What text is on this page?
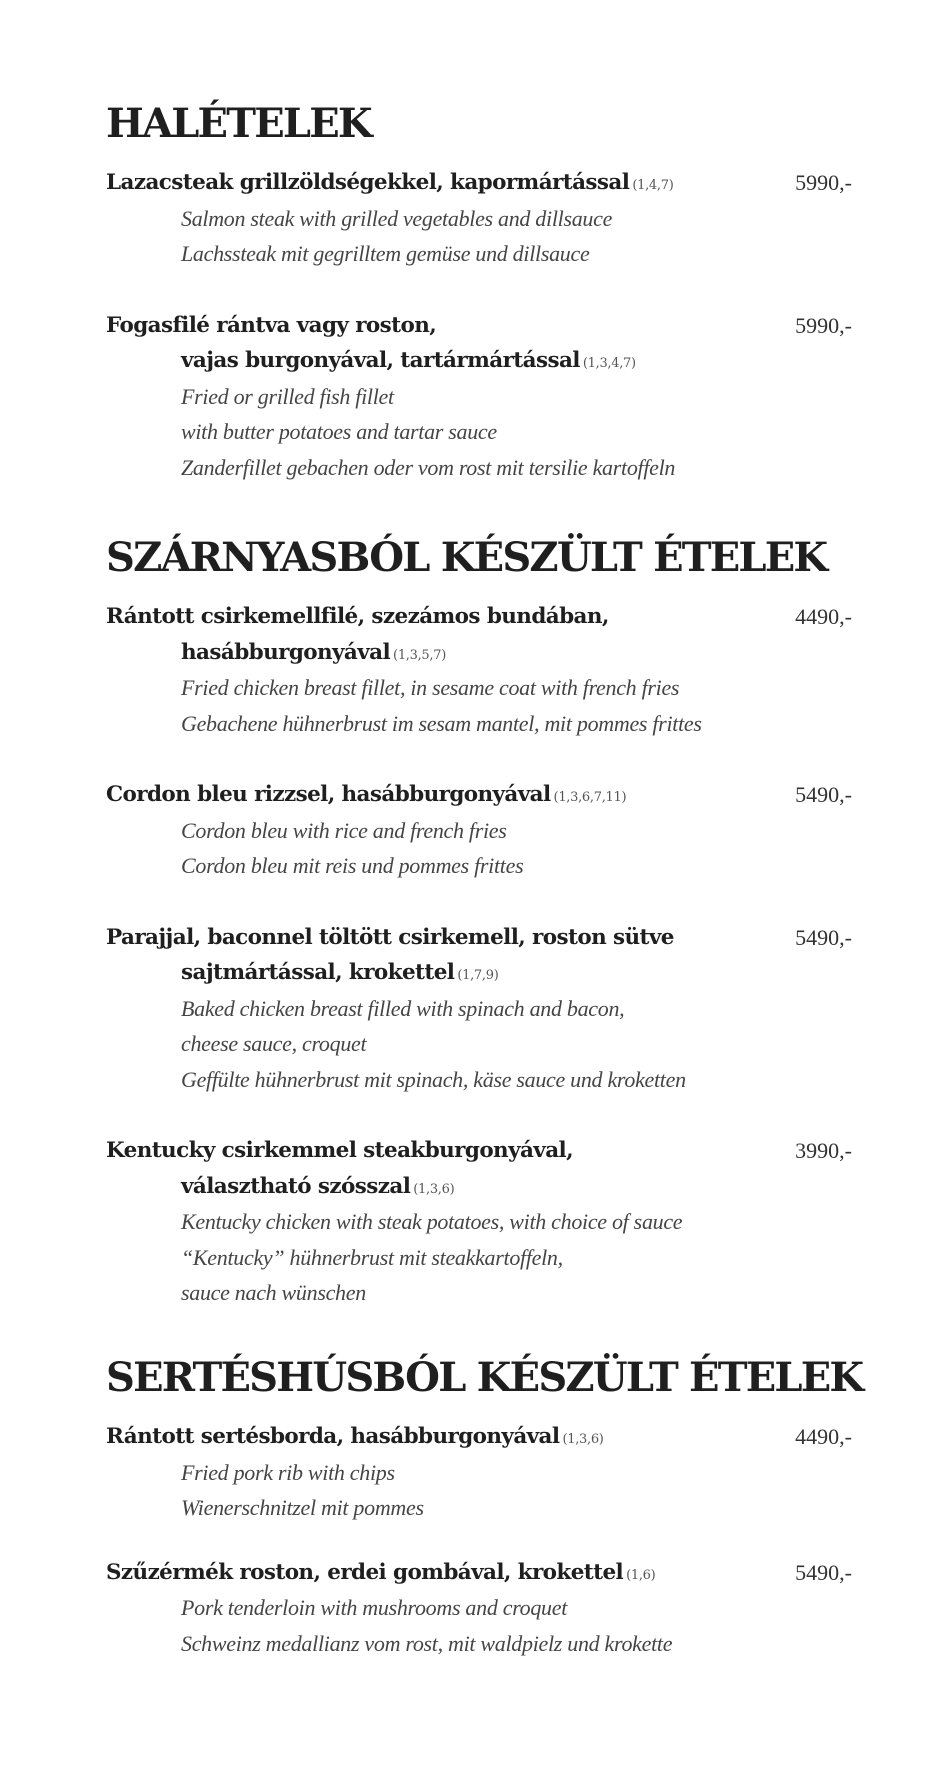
HALÉTELEK
Lazacsteak grillzöldségekkel, kapormártással (1,4,7)
Salmon steak with grilled vegetables and dillsauce
Lachssteak mit gegrilltem gemüse und dillsauce
5990,-
Fogasfilé rántva vagy roston,
vajas burgonyával, tartármártással (1,3,4,7)
Fried or grilled fish fillet
with butter potatoes and tartar sauce
Zanderfillet gebachen oder vom rost mit tersilie kartoffeln
5990,-
SZÁRNYASBÓL KÉSZÜLT ÉTELEK
Rántott csirkemellfilé, szezámos bundában,
hasábburgonyával (1,3,5,7)
Fried chicken breast fillet, in sesame coat with french fries
Gebachene hühnerbrust im sesam mantel, mit pommes frittes
4490,-
Cordon bleu rizzsel, hasábburgonyával (1,3,6,7,11)
Cordon bleu with rice and french fries
Cordon bleu mit reis und pommes frittes
5490,-
Parajjal, baconnel töltött csirkemell, roston sütve
sajtmártással, krokettel (1,7,9)
Baked chicken breast filled with spinach and bacon,
cheese sauce, croquet
Geffülte hühnerbrust mit spinach, käse sauce und kroketten
5490,-
Kentucky csirkemmel steakburgonyával,
választható szósszal (1,3,6)
Kentucky chicken with steak potatoes, with choice of sauce
“Kentucky” hühnerbrust mit steakkartoffeln,
sauce nach wünschen
3990,-
SERTÉSHÚSBÓL KÉSZÜLT ÉTELEK
Rántott sertésborda, hasábburgonyával (1,3,6)
Fried pork rib with chips
Wienerschnitzel mit pommes
4490,-
Szűzérmék roston, erdei gombával, krokettel (1,6)
Pork tenderloin with mushrooms and croquet
Schweinz medallianz vom rost, mit waldpielz und krokette
5490,-
